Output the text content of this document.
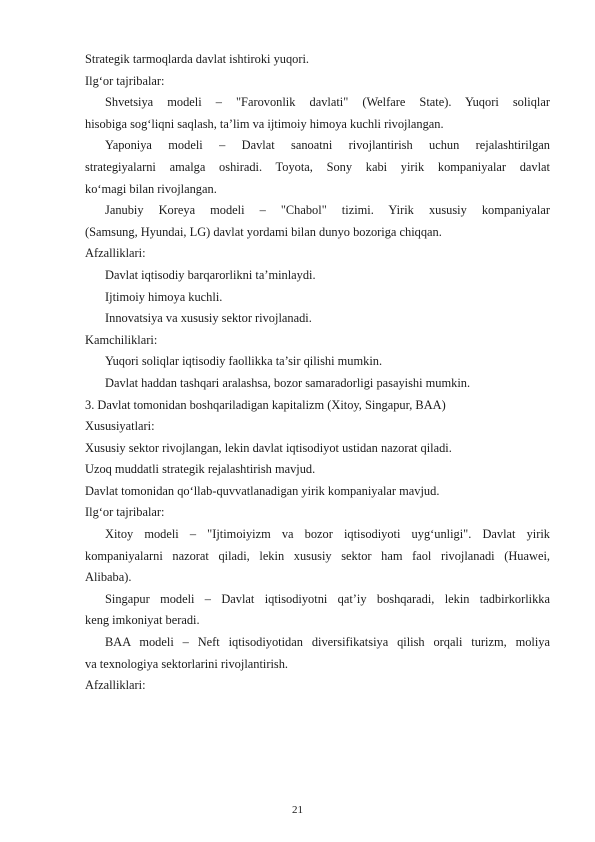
Strategik tarmoqlarda davlat ishtiroki yuqori.
Ilg‘or tajribalar:
Shvetsiya modeli – "Farovonlik davlati" (Welfare State). Yuqori soliqlar
hisobiga sog‘liqni saqlash, ta’lim va ijtimoiy himoya kuchli rivojlangan.
Yaponiya modeli – Davlat sanoatni rivojlantirish uchun rejalashtirilgan
strategiyalarni amalga oshiradi. Toyota, Sony kabi yirik kompaniyalar davlat
ko‘magi bilan rivojlangan.
Janubiy Koreya modeli – "Chabol" tizimi. Yirik xususiy kompaniyalar
(Samsung, Hyundai, LG) davlat yordami bilan dunyo bozoriga chiqqan.
Afzalliklari:
Davlat iqtisodiy barqarorlikni ta’minlaydi.
Ijtimoiy himoya kuchli.
Innovatsiya va xususiy sektor rivojlanadi.
Kamchiliklari:
Yuqori soliqlar iqtisodiy faollikka ta’sir qilishi mumkin.
Davlat haddan tashqari aralashsa, bozor samaradorligi pasayishi mumkin.
3. Davlat tomonidan boshqariladigan kapitalizm (Xitoy, Singapur, BAA)
Xususiyatlari:
Xususiy sektor rivojlangan, lekin davlat iqtisodiyot ustidan nazorat qiladi.
Uzoq muddatli strategik rejalashtirish mavjud.
Davlat tomonidan qo‘llab-quvvatlanadigan yirik kompaniyalar mavjud.
Ilg‘or tajribalar:
Xitoy modeli – "Ijtimoiyizm va bozor iqtisodiyoti uyg‘unligi". Davlat yirik
kompaniyalarni nazorat qiladi, lekin xususiy sektor ham faol rivojlanadi (Huawei,
Alibaba).
Singapur modeli – Davlat iqtisodiyotni qat’iy boshqaradi, lekin tadbirkorlikka
keng imkoniyat beradi.
BAA modeli – Neft iqtisodiyotidan diversifikatsiya qilish orqali turizm, moliya
va texnologiya sektorlarini rivojlantirish.
Afzalliklari:
21
